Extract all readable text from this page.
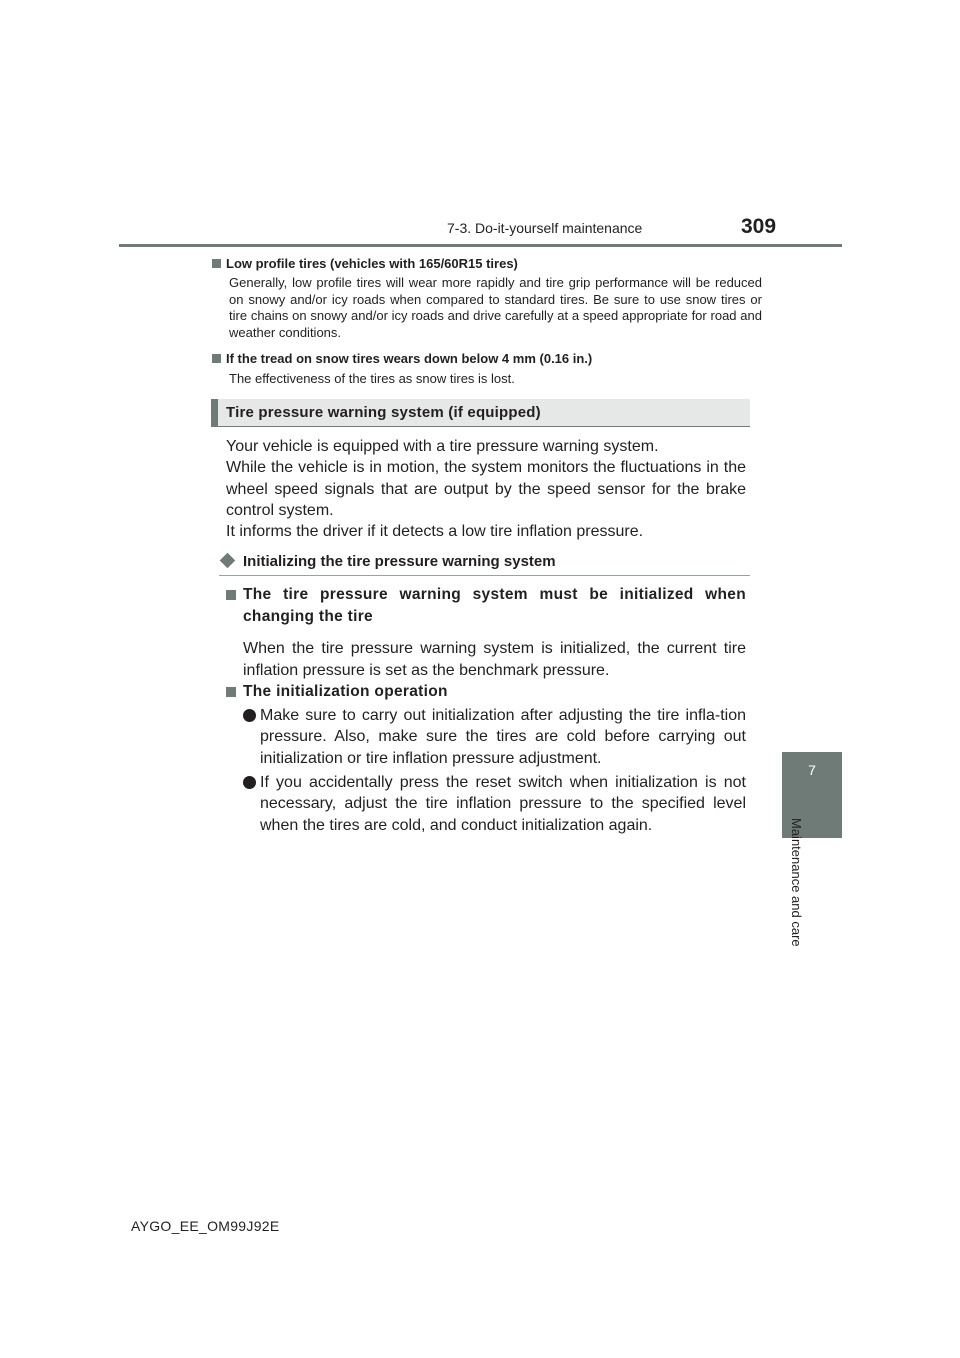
7-3. Do-it-yourself maintenance	309
7
Maintenance and care
Low profile tires (vehicles with 165/60R15 tires)
Generally, low profile tires will wear more rapidly and tire grip performance will be reduced on snowy and/or icy roads when compared to standard tires. Be sure to use snow tires or tire chains on snowy and/or icy roads and drive carefully at a speed appropriate for road and weather conditions.
If the tread on snow tires wears down below 4 mm (0.16 in.)
The effectiveness of the tires as snow tires is lost.
Tire pressure warning system (if equipped)

Your vehicle is equipped with a tire pressure warning system.

While the vehicle is in motion, the system monitors the fluctuations in the wheel speed signals that are output by the speed sensor for the brake control system.

It informs the driver if it detects a low tire inflation pressure.

Initializing the tire pressure warning system
The tire pressure warning system must be initialized when changing the tire
When the tire pressure warning system is initialized, the current tire inflation pressure is set as the benchmark pressure.
The initialization operation
Make sure to carry out initialization after adjusting the tire infla-tion pressure. Also, make sure the tires are cold before carrying out initialization or tire inflation pressure adjustment.
If you accidentally press the reset switch when initialization is not necessary, adjust the tire inflation pressure to the specified level when the tires are cold, and conduct initialization again.
AYGO_EE_OM99J92E
